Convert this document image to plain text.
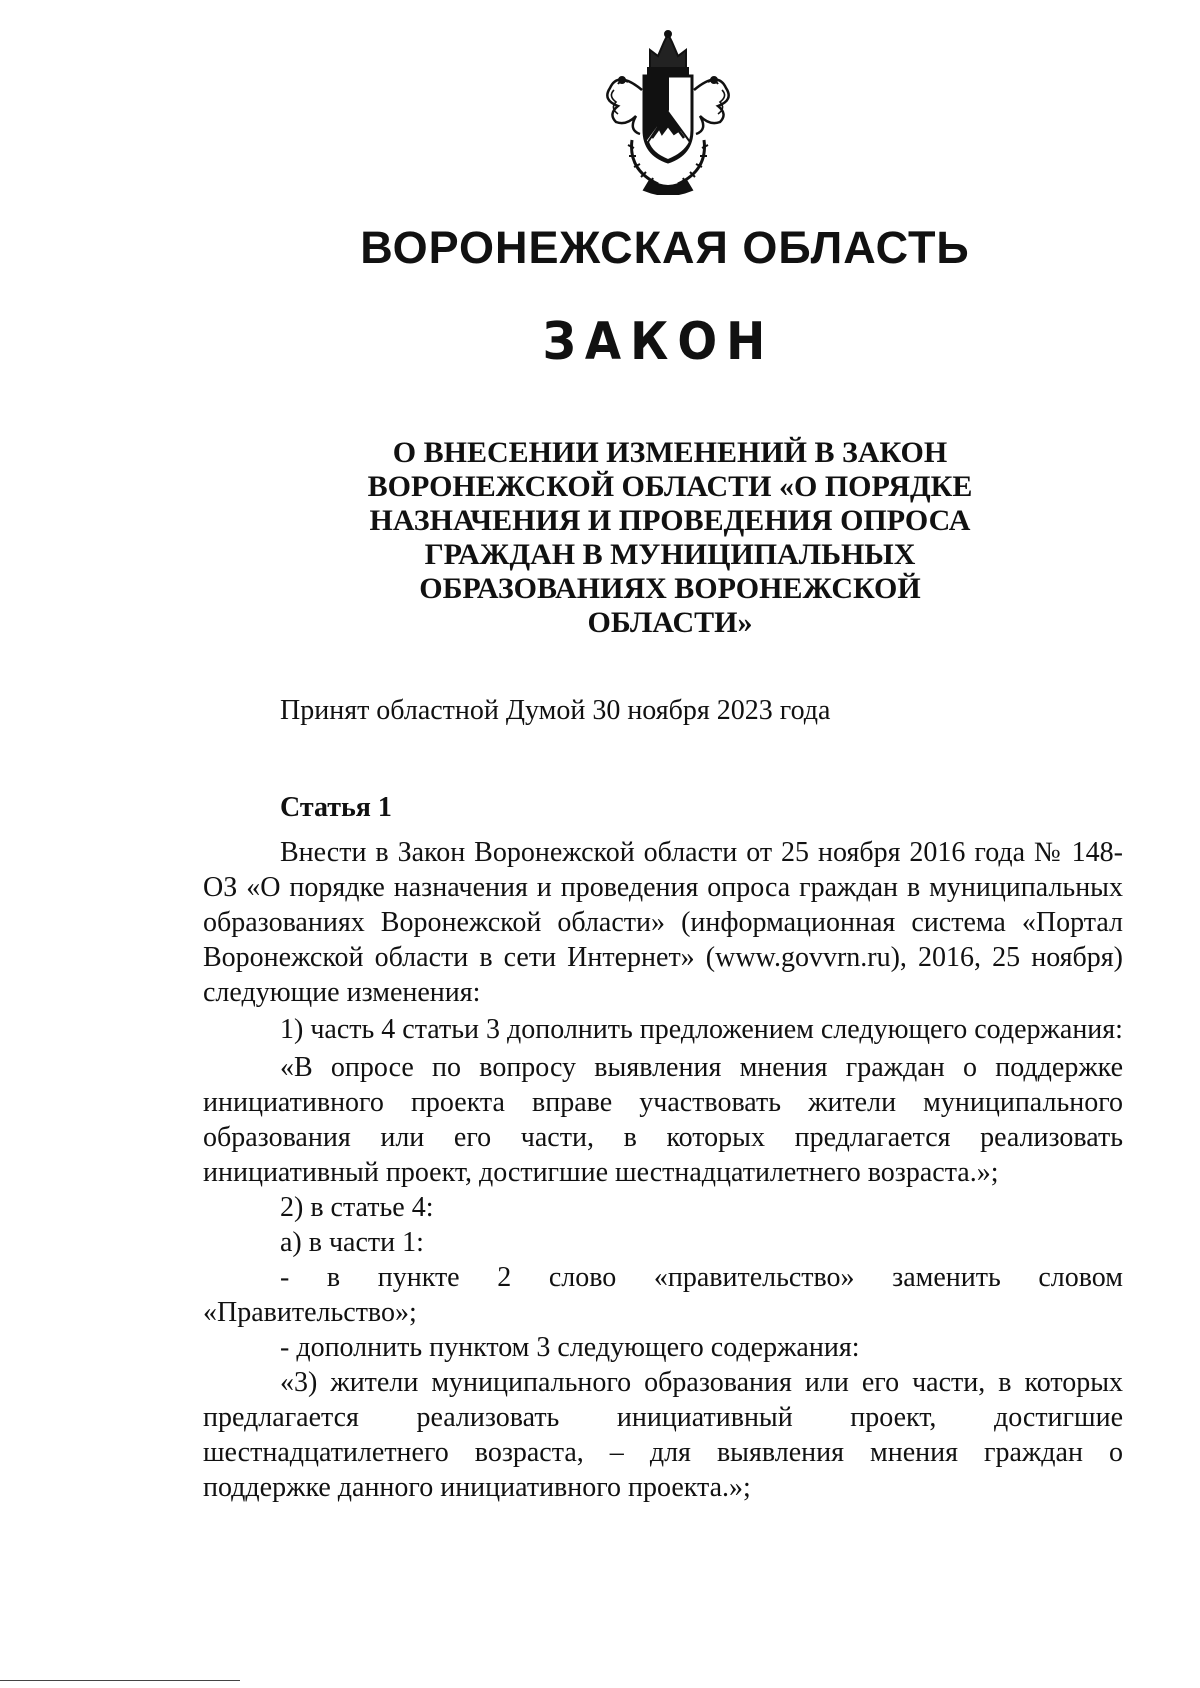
ВОРОНЕЖСКАЯ ОБЛАСТЬ
ЗАКОН
О ВНЕСЕНИИ ИЗМЕНЕНИЙ В ЗАКОН
ВОРОНЕЖСКОЙ ОБЛАСТИ «О ПОРЯДКЕ
НАЗНАЧЕНИЯ И ПРОВЕДЕНИЯ ОПРОСА
ГРАЖДАН В МУНИЦИПАЛЬНЫХ
ОБРАЗОВАНИЯХ ВОРОНЕЖСКОЙ
ОБЛАСТИ»
Принят областной Думой 30 ноября 2023 года
Статья 1

Внести в Закон Воронежской области от 25 ноября 2016 года № 148-ОЗ «О порядке назначения и проведения опроса граждан в муниципальных образованиях Воронежской области» (информационная система «Портал Воронежской области в сети Интернет» (www.govvrn.ru), 2016, 25 ноября) следующие изменения:

1) часть 4 статьи 3 дополнить предложением следующего содержания:

«В опросе по вопросу выявления мнения граждан о поддержке инициативного проекта вправе участвовать жители муниципального образования или его части, в которых предлагается реализовать инициативный проект, достигшие шестнадцатилетнего возраста.»;

2) в статье 4:

а) в части 1:

- в пункте 2 слово «правительство» заменить словом «Правительство»;

- дополнить пунктом 3 следующего содержания:

«3) жители муниципального образования или его части, в которых предлагается реализовать инициативный проект, достигшие шестнадцатилетнего возраста, – для выявления мнения граждан о поддержке данного инициативного проекта.»;
